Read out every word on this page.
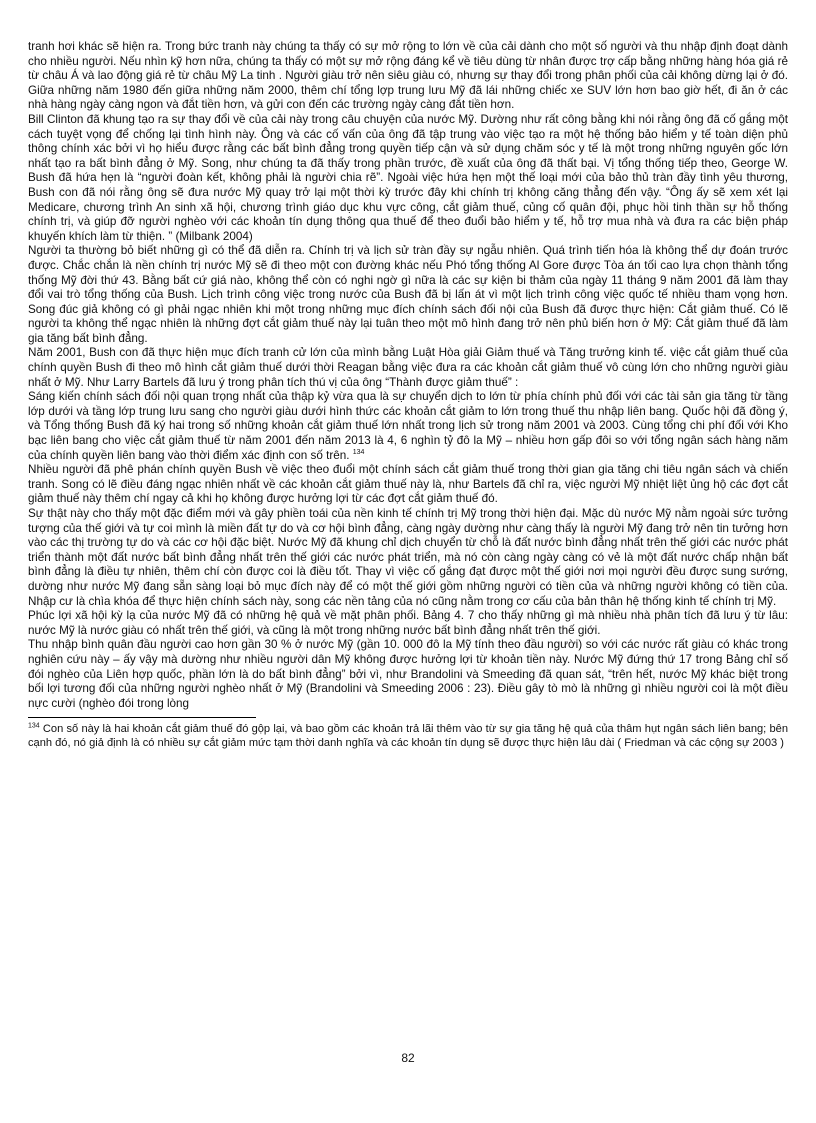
tranh hơi khác sẽ hiện ra. Trong bức tranh này chúng ta thấy có sự mở rộng to lớn về của cải dành cho một số người và thu nhập định đoạt dành cho nhiều người. Nếu nhìn kỹ hơn nữa, chúng ta thấy có một sự mở rộng đáng kể về tiêu dùng từ nhân được trợ cấp bằng những hàng hóa giá rẻ từ châu Á và lao động giá rẻ từ châu Mỹ La tinh . Người giàu trở nên siêu giàu có, nhưng sự thay đổi trong phân phối của cải không dừng lại ở đó. Giữa những năm 1980 đến giữa những năm 2000, thêm chí tổng lợp trung lưu Mỹ đã lái những chiếc xe SUV lớn hơn bao giờ hết, đi ăn ở các nhà hàng ngày càng ngon và đắt tiền hơn, và gửi con đến các trường ngày càng đắt tiền hơn.

Bill Clinton đã khung tạo ra sự thay đổi về của cải này trong câu chuyện của nước Mỹ. Dường như rất công bằng khi nói rằng ông đã cố gắng một cách tuyệt vọng để chống lại tình hình này. Ông và các cố vấn của ông đã tập trung vào việc tạo ra một hệ thống bảo hiểm y tế toàn diện phủ thông chính xác bởi vì họ hiểu được rằng các bất bình đẳng trong quyền tiếp cận và sử dụng chăm sóc y tế là một trong những nguyên gốc lớn nhất tạo ra bất bình đẳng ở Mỹ. Song, như chúng ta đã thấy trong phần trước, đề xuất của ông đã thất bại. Vị tổng thống tiếp theo, George W. Bush đã hứa hẹn là “người đoàn kết, không phải là người chia rẽ”. Ngoài việc hứa hẹn một thế loại mới của bảo thủ tràn đầy tình yêu thương, Bush con đã nói rằng ông sẽ đưa nước Mỹ quay trở lại một thời kỳ trước đây khi chính trị không căng thẳng đến vậy. “Ông ấy sẽ xem xét lại Medicare, chương trình An sinh xã hội, chương trình giáo dục khu vực công, cắt giảm thuế, củng cố quân đội, phục hồi tinh thần sự hỗ thống chính trị, và giúp đỡ người nghèo với các khoản tín dụng thông qua thuế để theo đuổi bảo hiểm y tế, hỗ trợ mua nhà và đưa ra các biện pháp khuyến khích làm từ thiện. ” (Milbank 2004)

Người ta thường bỏ biết những gì có thể đã diễn ra. Chính trị và lịch sử tràn đầy sự ngẫu nhiên. Quá trình tiến hóa là không thể dự đoán trước được. Chắc chắn là nền chính trị nước Mỹ sẽ đi theo một con đường khác nếu Phó tổng thống Al Gore được Tòa án tối cao lựa chọn thành tổng thống Mỹ đời thứ 43. Bằng bất cứ giá nào, không thể còn có nghi ngờ gì nữa là các sự kiện bi thảm của ngày 11 tháng 9 năm 2001 đã làm thay đổi vai trò tổng thống của Bush. Lịch trình công việc trong nước của Bush đã bị lấn át vì một lịch trình công việc quốc tế nhiều tham vọng hơn. Song đúc giả không có gì phải ngạc nhiên khi một trong những mục đích chính sách đối nội của Bush đã được thực hiện: Cắt giảm thuế. Có lẽ người ta không thể ngạc nhiên là những đợt cắt giảm thuế này lại tuân theo một mô hình đang trở nên phủ biến hơn ở Mỹ: Cắt giảm thuế đã làm gia tăng bất bình đẳng.

Năm 2001, Bush con đã thực hiện mục đích tranh cử lớn của mình bằng Luật Hòa giải Giảm thuế và Tăng trưởng kinh tế. việc cắt giảm thuế của chính quyền Bush đi theo mô hình cắt giảm thuế dưới thời Reagan bằng việc đưa ra các khoản cắt giảm thuế vô cùng lớn cho những người giàu nhất ở Mỹ. Như Larry Bartels đã lưu ý trong phân tích thú vị của ông “Thành được giảm thuế” :

Sáng kiến chính sách đối nội quan trọng nhất của thập kỷ vừa qua là sự chuyển dịch to lớn từ phía chính phủ đối với các tài sản gia tăng từ tầng lớp dưới và tầng lớp trung lưu sang cho người giàu dưới hình thức các khoản cắt giảm to lớn trong thuế thu nhập liên bang. Quốc hội đã đồng ý, và Tổng thống Bush đã ký hai trong số những khoản cắt giảm thuế lớn nhất trong lịch sử trong năm 2001 và 2003. Cùng tổng chi phí đối với Kho bạc liên bang cho việc cắt giảm thuế từ năm 2001 đến năm 2013 là 4, 6 nghìn tỷ đô la Mỹ – nhiều hơn gấp đôi so với tổng ngân sách hàng năm của chính quyền liên bang vào thời điểm xác định con số trên. $^{134}$

Nhiều người đã phê phán chính quyền Bush về việc theo đuổi một chính sách cắt giảm thuế trong thời gian gia tăng chi tiêu ngân sách và chiến tranh. Song có lẽ điều đáng ngạc nhiên nhất về các khoản cắt giảm thuế này là, như Bartels đã chỉ ra, việc người Mỹ nhiệt liệt ủng hộ các đợt cắt giảm thuế này thêm chí ngay cả khi họ không được hưởng lợi từ các đợt cắt giảm thuế đó.

Sự thật này cho thấy một đặc điểm mới và gây phiền toái của nền kinh tế chính trị Mỹ trong thời hiện đại. Mặc dù nước Mỹ nằm ngoài sức tưởng tượng của thế giới và tự coi mình là miền đất tự do và cơ hội bình đẳng, càng ngày dường như càng thấy là người Mỹ đang trở nên tin tưởng hơn vào các thị trường tự do và các cơ hội đặc biệt. Nước Mỹ đã khung chỉ dịch chuyển từ chỗ là đất nước bình đẳng nhất trên thế giới các nước phát triển thành một đất nước bất bình đẳng nhất trên thế giới các nước phát triển, mà nó còn càng ngày càng có vẻ là một đất nước chấp nhận bất bình đẳng là điều tự nhiên, thêm chí còn được coi là điều tốt. Thay vì việc cố gắng đạt được một thế giới nơi mọi người đều được sung sướng, dường như nước Mỹ đang sẵn sàng loại bỏ mục đích này để có một thế giới gồm những người có tiền của và những người không có tiền của. Nhập cư là chìa khóa để thực hiện chính sách này, song các nền tảng của nó cũng nằm trong cơ cấu của bản thân hệ thống kinh tế chính trị Mỹ.

Phúc lợi xã hội kỳ lạ của nước Mỹ đã có những hệ quả về mặt phân phối. Bảng 4. 7 cho thấy những gì mà nhiều nhà phân tích đã lưu ý từ lâu: nước Mỹ là nước giàu có nhất trên thế giới, và cũng là một trong những nước bất bình đẳng nhất trên thế giới.

Thu nhập bình quân đầu người cao hơn gần 30 % ở nước Mỹ (gần 10. 000 đô la Mỹ tính theo đầu người) so với các nước rất giàu có khác trong nghiên cứu này – ấy vậy mà dường như nhiều người dân Mỹ không được hưởng lợi từ khoản tiền này. Nước Mỹ đứng thứ 17 trong Bảng chỉ số đói nghèo của Liên hợp quốc, phần lớn là do bất bình đẳng” bởi vì, như Brandolini và Smeeding đã quan sát, “trên hết, nước Mỹ khác biệt trong bối lợi tương đối của những người nghèo nhất ở Mỹ (Brandolini và Smeeding 2006 : 23). Điều gây tò mò là những gì nhiều người coi là một điều nực cười (nghèo đói trong lòng

$^{134}$ Con số này là hai khoản cắt giảm thuế đó gộp lại, và bao gồm các khoản trả lãi thêm vào từ sự gia tăng hệ quả của thâm hụt ngân sách liên bang; bên cạnh đó, nó giả định là có nhiều sự cắt giảm mức tạm thời danh nghĩa và các khoản tín dụng sẽ được thực hiện lâu dài ( Friedman và các cộng sự 2003 )

82
